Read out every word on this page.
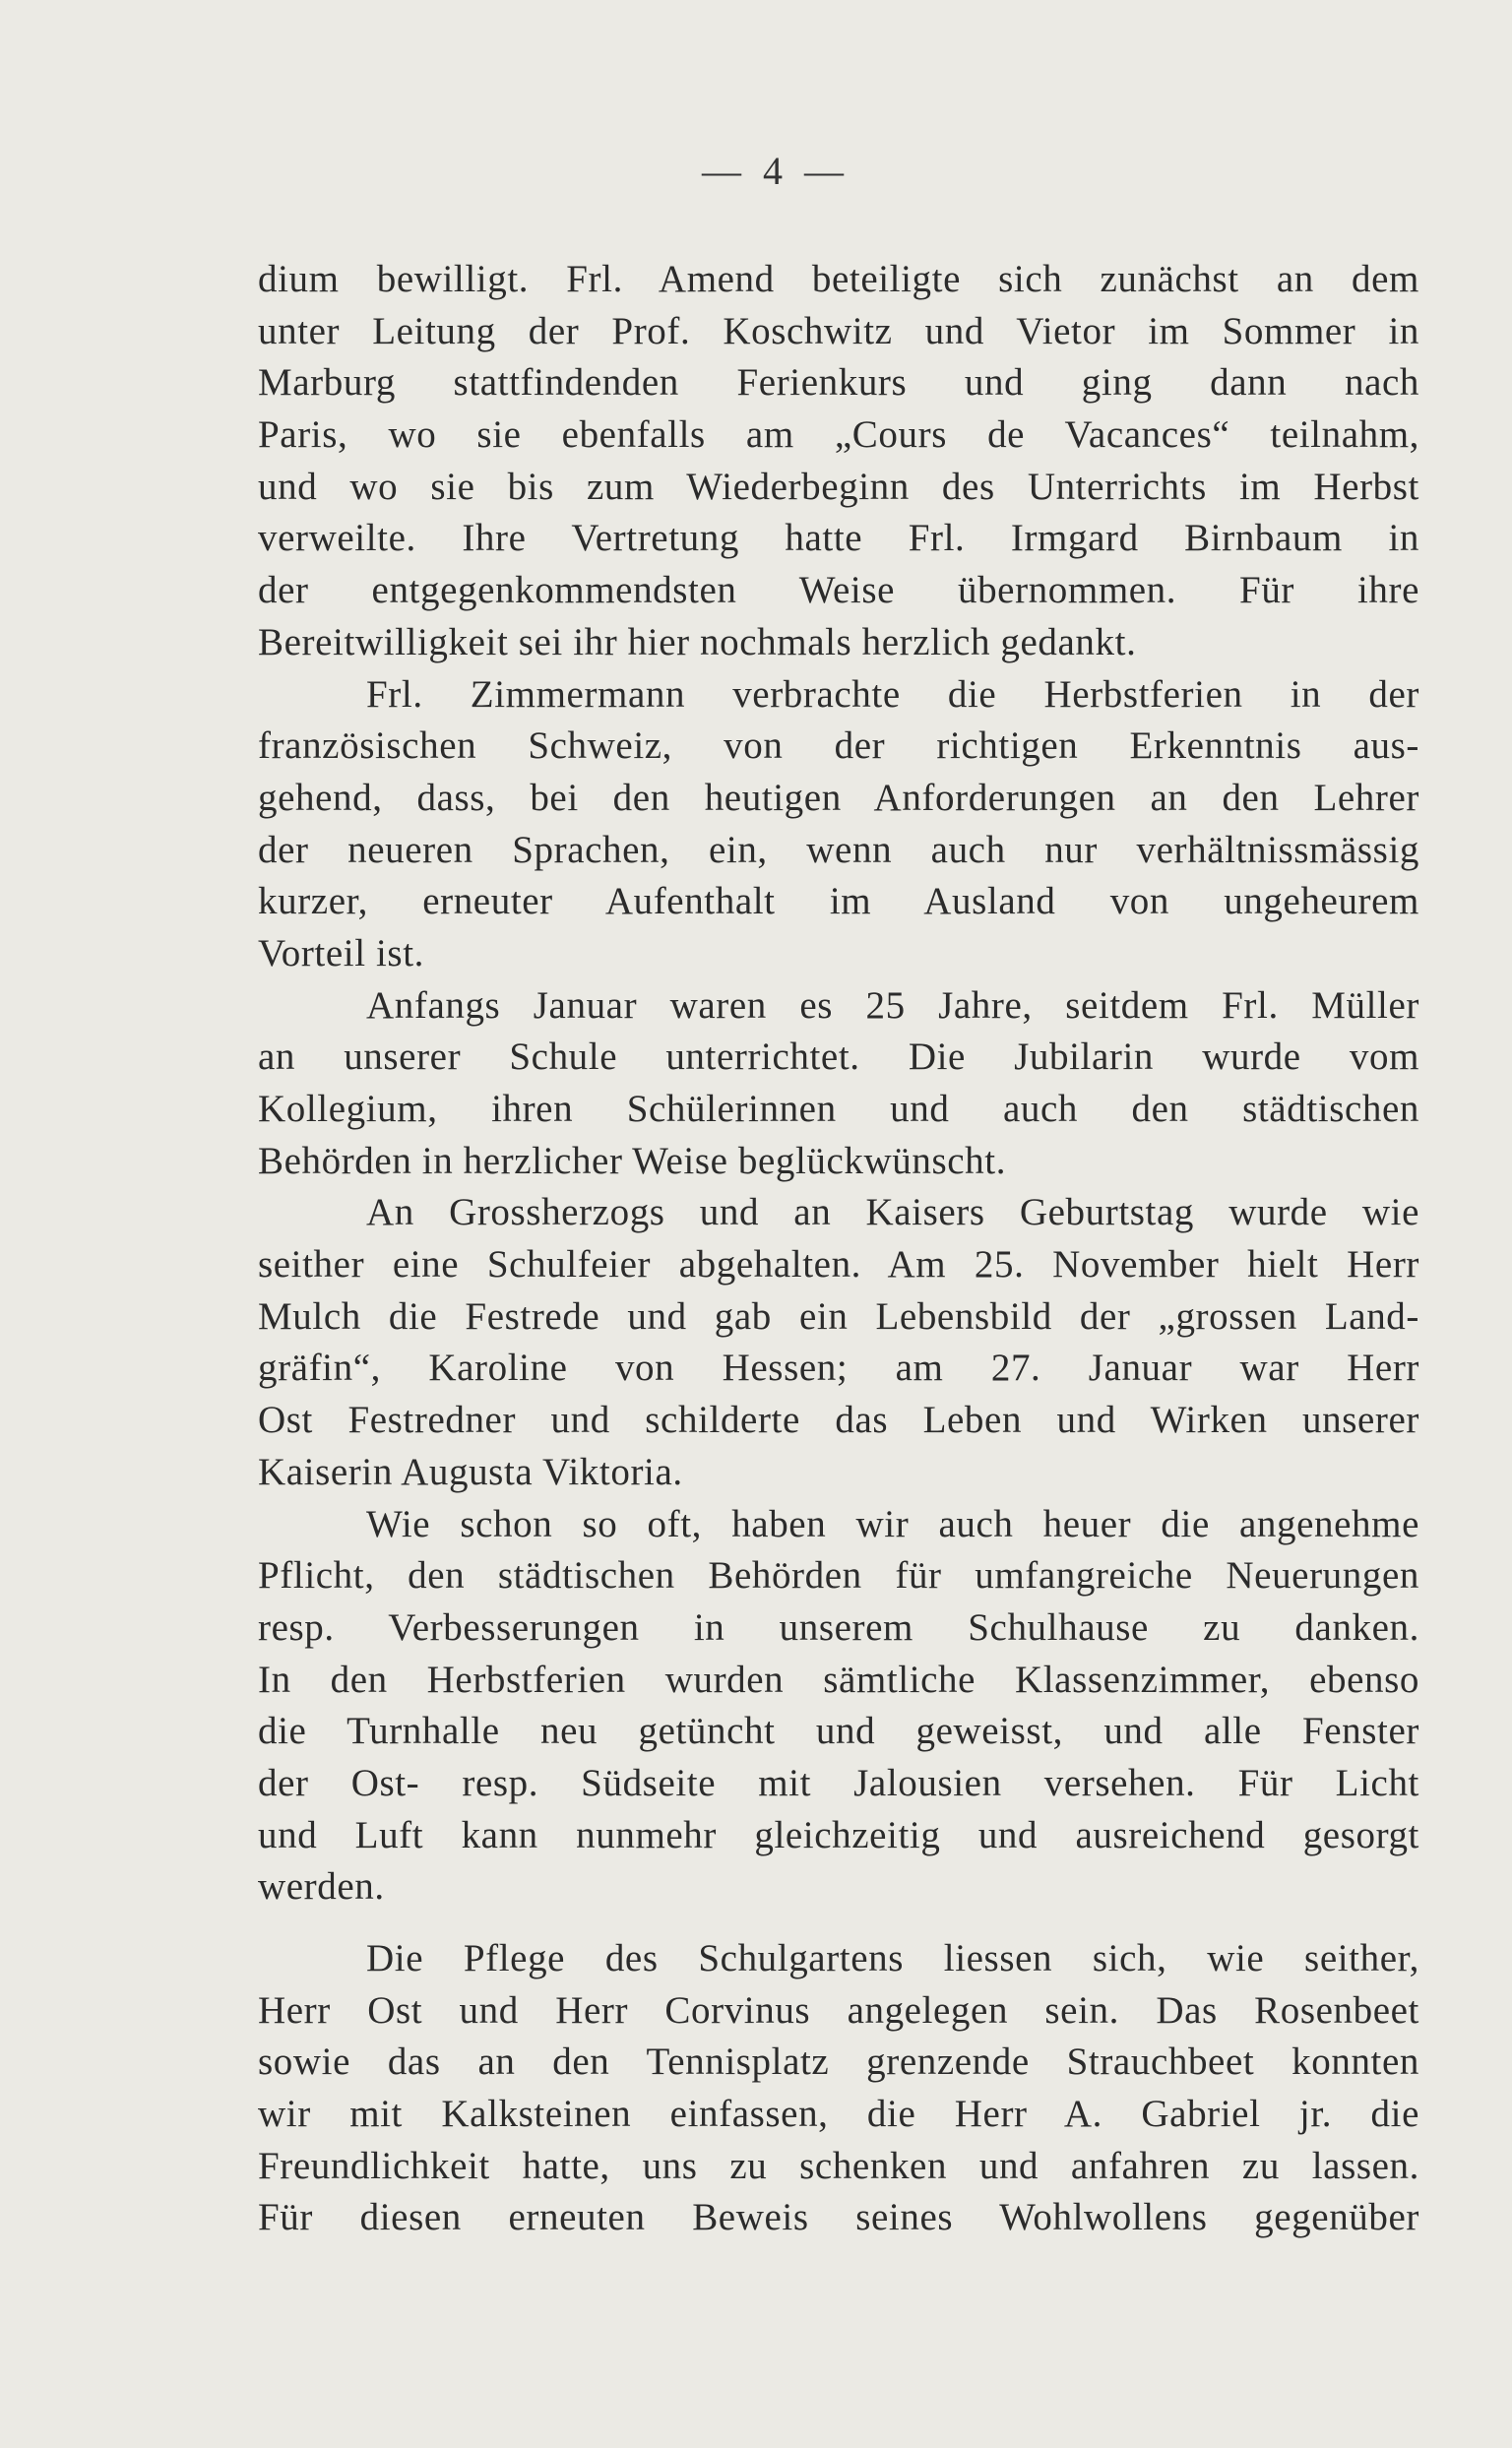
— 4 —
dium bewilligt. Frl. Amend beteiligte sich zunächst an dem
unter Leitung der Prof. Koschwitz und Vietor im Sommer in
Marburg stattfindenden Ferienkurs und ging dann nach
Paris, wo sie ebenfalls am „Cours de Vacances“ teilnahm,
und wo sie bis zum Wiederbeginn des Unterrichts im Herbst
verweilte. Ihre Vertretung hatte Frl. Irmgard Birnbaum in
der entgegenkommendsten Weise übernommen. Für ihre
Bereitwilligkeit sei ihr hier nochmals herzlich gedankt.
Frl. Zimmermann verbrachte die Herbstferien in der
französischen Schweiz, von der richtigen Erkenntnis aus-
gehend, dass, bei den heutigen Anforderungen an den Lehrer
der neueren Sprachen, ein, wenn auch nur verhältnissmässig
kurzer, erneuter Aufenthalt im Ausland von ungeheurem
Vorteil ist.
Anfangs Januar waren es 25 Jahre, seitdem Frl. Müller
an unserer Schule unterrichtet. Die Jubilarin wurde vom
Kollegium, ihren Schülerinnen und auch den städtischen
Behörden in herzlicher Weise beglückwünscht.
An Grossherzogs und an Kaisers Geburtstag wurde wie
seither eine Schulfeier abgehalten. Am 25. November hielt Herr
Mulch die Festrede und gab ein Lebensbild der „grossen Land-
gräfin“, Karoline von Hessen; am 27. Januar war Herr
Ost Festredner und schilderte das Leben und Wirken unserer
Kaiserin Augusta Viktoria.
Wie schon so oft, haben wir auch heuer die angenehme
Pflicht, den städtischen Behörden für umfangreiche Neuerungen
resp. Verbesserungen in unserem Schulhause zu danken.
In den Herbstferien wurden sämtliche Klassenzimmer, ebenso
die Turnhalle neu getüncht und geweisst, und alle Fenster
der Ost- resp. Südseite mit Jalousien versehen. Für Licht
und Luft kann nunmehr gleichzeitig und ausreichend gesorgt
werden.
Die Pflege des Schulgartens liessen sich, wie seither,
Herr Ost und Herr Corvinus angelegen sein. Das Rosenbeet
sowie das an den Tennisplatz grenzende Strauchbeet konnten
wir mit Kalksteinen einfassen, die Herr A. Gabriel jr. die
Freundlichkeit hatte, uns zu schenken und anfahren zu lassen.
Für diesen erneuten Beweis seines Wohlwollens gegenüber
